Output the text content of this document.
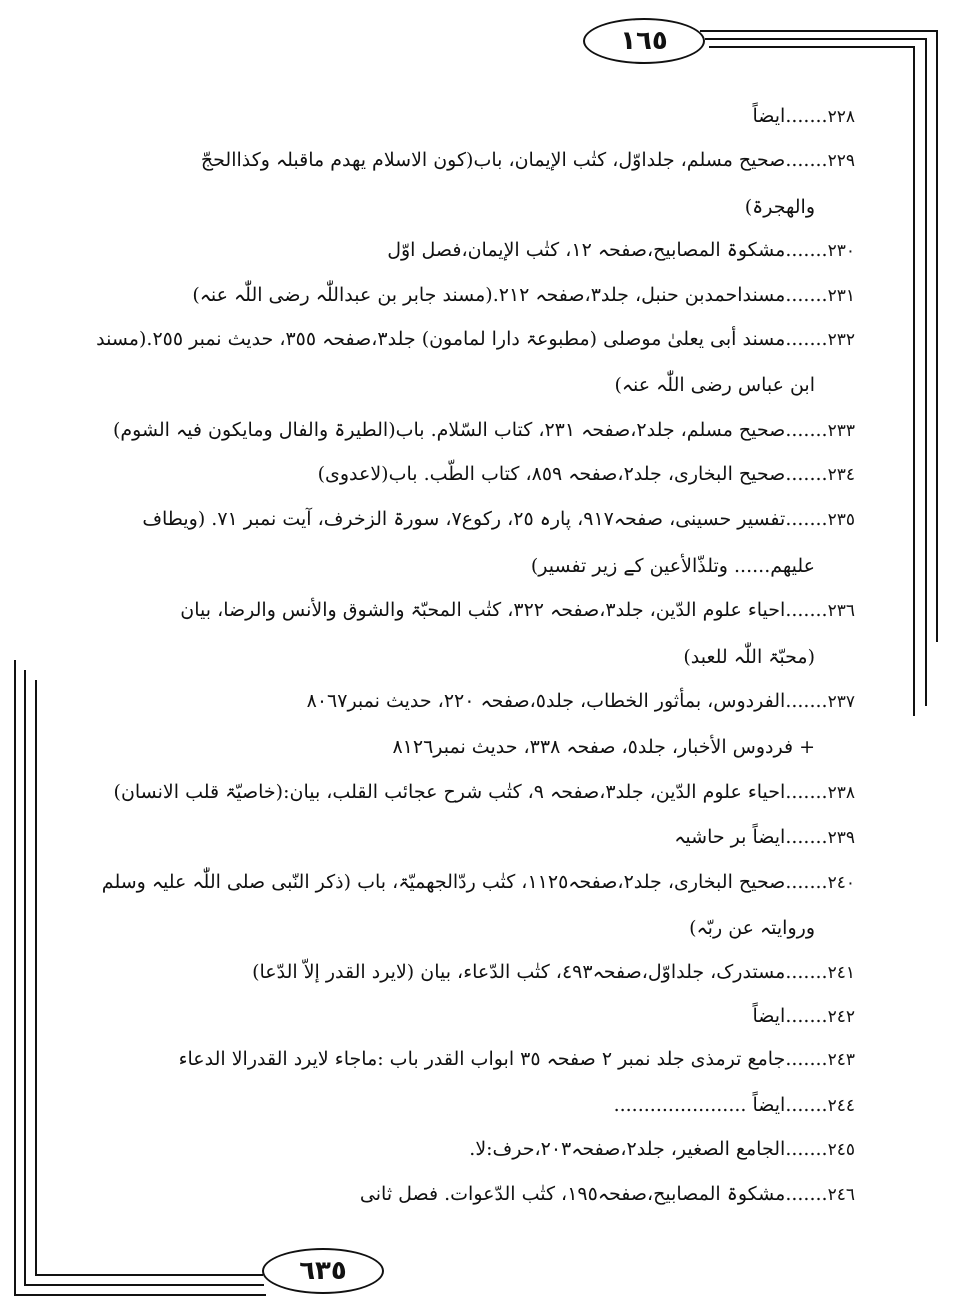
١٦٥
٦٣٥
٢٢٨.......ایضاً
٢٢٩.......صحیح مسلم، جلداوّل، کتٰب الإیمان، باب(کون الاسلام یھدم ماقبلہ وکذاالحجّ
والھجرۃ)
٢٣٠.......مشکوۃ المصابیح،صفحہ ١٢، کتٰب الإیمان،فصل اوّل
٢٣١.......مسنداحمدبن حنبل، جلد٣،صفحہ ٢١٢.(مسند جابر بن عبداللّٰہ رضی اللّٰہ عنہ)
٢٣٢.......مسند أبی یعلیٰ موصلی (مطبوعۃ دارا لمامون) جلد٣،صفحہ ٣٥٥، حدیث نمبر ٢٥٥.(مسند
ابن عباس رضی اللّٰہ عنہ)
٢٣٣.......صحیح مسلم، جلد٢،صفحہ ٢٣١، کتاب السّلام. باب(الطیرۃ والفال ومایکون فیہ الشوم)
٢٣٤.......صحیح البخاری، جلد٢،صفحہ ٨٥٩، کتاب الطّب. باب(لاعدوی)
٢٣٥.......تفسیر حسینی، صفحہ٩١٧، پارہ ٢٥، رکوع٧، سورۃ الزخرف، آیت نمبر ٧١. (ویطاف
علیھم...... وتلذّالأعین کے زیر تفسیر)
٢٣٦.......احیاء علوم الدّین، جلد٣،صفحہ ٣٢٢، کتٰب المحبّۃ والشوق والأنس والرضا، بیان
(محبّۃ اللّٰہ للعبد)
٢٣٧.......الفردوس، بمأثور الخطاب، جلد٥،صفحہ ٢٢٠، حدیث نمبر٨٠٦٧
+ فردوس الأخبار، جلد٥، صفحہ ٣٣٨، حدیث نمبر٨١٢٦
٢٣٨.......احیاء علوم الدّین، جلد٣،صفحہ ٩، کتٰب شرح عجائب القلب، بیان:(خاصیّۃ قلب الانسان)
٢٣٩.......ایضاً بر حاشیہ
٢٤٠.......صحیح البخاری، جلد٢،صفحہ١١٢٥، کتٰب ردّالجھمیّۃ، باب (ذکر النّبی صلی اللّٰہ علیہ وسلم
وروایتہ عن ربّہ)
٢٤١.......مستدرک، جلداوّل،صفحہ٤٩٣، کتٰب الدّعاء، بیان (لایرد القدر إلاّ الدّعا)
٢٤٢.......ایضاً
٢٤٣.......جامع ترمذی جلد نمبر ٢ صفحہ ٣٥ ابواب القدر باب :ماجاء لایرد القدرالا الدعاء
٢٤٤.......ایضاً ......................
٢٤٥.......الجامع الصغیر، جلد٢،صفحہ٢٠٣،حرف:لا.
٢٤٦.......مشکوۃ المصابیح،صفحہ١٩٥، کتٰب الدّعوات. فصل ثانی
